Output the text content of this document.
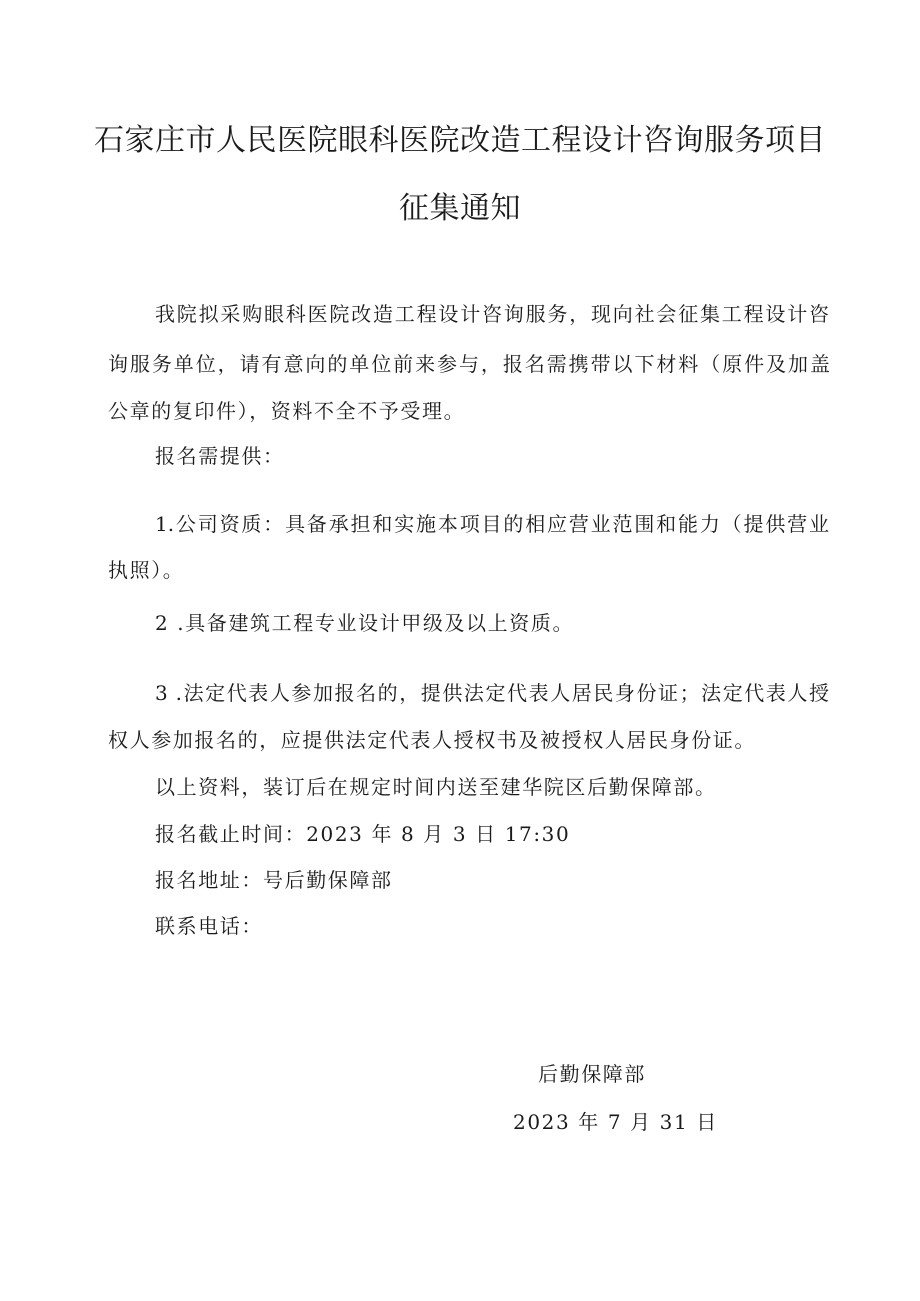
石家庄市人民医院眼科医院改造工程设计咨询服务项目
征集通知
我院拟采购眼科医院改造工程设计咨询服务，现向社会征集工程设计咨
询服务单位，请有意向的单位前来参与，报名需携带以下材料（原件及加盖
公章的复印件），资料不全不予受理。
报名需提供：
1.公司资质：具备承担和实施本项目的相应营业范围和能力（提供营业
执照）。
2 .具备建筑工程专业设计甲级及以上资质。
3 .法定代表人参加报名的，提供法定代表人居民身份证；法定代表人授
权人参加报名的，应提供法定代表人授权书及被授权人居民身份证。
以上资料，装订后在规定时间内送至建华院区后勤保障部。
报名截止时间：2023 年 8 月 3 日 17:30
报名地址：号后勤保障部
联系电话：
后勤保障部
2023 年 7 月 31 日
